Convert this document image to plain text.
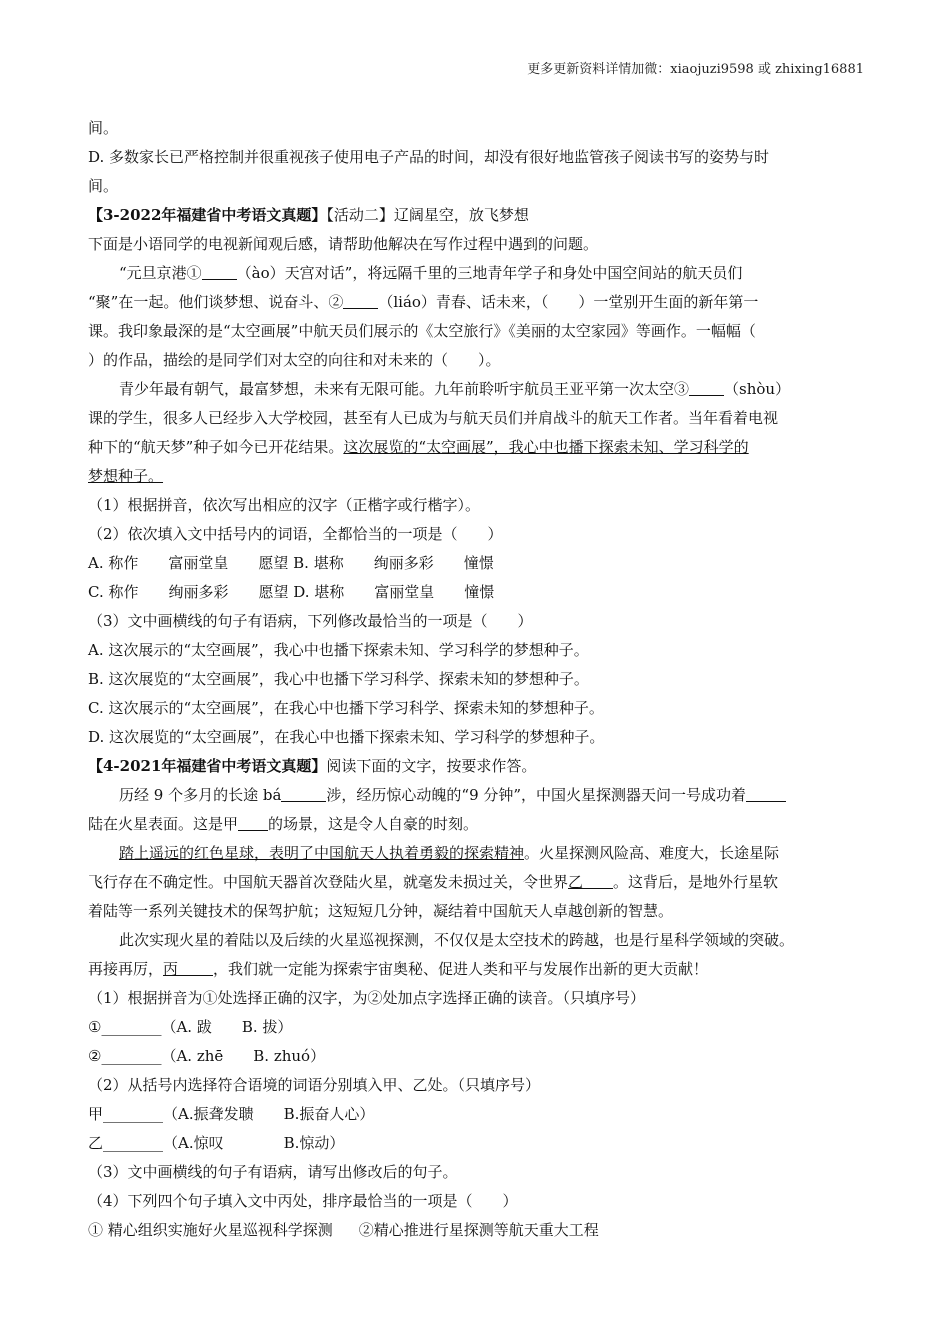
更多更新资料详情加微：xiaojuzi9598 或 zhixing16881

间。

D. 多数家长已严格控制并很重视孩子使用电子产品的时间，却没有很好地监管孩子阅读书写的姿势与时

间。

【3-2022年福建省中考语文真题】【活动二】辽阔星空，放飞梦想

下面是小语同学的电视新闻观后感，请帮助他解决在写作过程中遇到的问题。

“元旦京港① （ào）天宫对话”，将远隔千里的三地青年学子和身处中国空间站的航天员们

“聚”在一起。他们谈梦想、说奋斗、② （liáo）青春、话未来，（　　）一堂别开生面的新年第一

课。我印象最深的是“太空画展”中航天员们展示的《太空旅行》《美丽的太空家园》等画作。一幅幅（

）的作品，描绘的是同学们对太空的向往和对未来的（　　）。

青少年最有朝气，最富梦想，未来有无限可能。九年前聆听宇航员王亚平第一次太空③ （shòu）

课的学生，很多人已经步入大学校园，甚至有人已成为与航天员们并肩战斗的航天工作者。当年看着电视

种下的“航天梦”种子如今已开花结果。这次展览的“太空画展”，我心中也播下探索未知、学习科学的

梦想种子。

（1）根据拼音，依次写出相应的汉字（正楷字或行楷字）。

（2）依次填入文中括号内的词语，全都恰当的一项是（　　）

A. 称作　　富丽堂皇　　愿望 B. 堪称　　绚丽多彩　　憧憬

C. 称作　　绚丽多彩　　愿望 D. 堪称　　富丽堂皇　　憧憬

（3）文中画横线的句子有语病，下列修改最恰当的一项是（　　）

A. 这次展示的“太空画展”，我心中也播下探索未知、学习科学的梦想种子。

B. 这次展览的“太空画展”，我心中也播下学习科学、探索未知的梦想种子。

C. 这次展示的“太空画展”，在我心中也播下学习科学、探索未知的梦想种子。

D. 这次展览的“太空画展”，在我心中也播下探索未知、学习科学的梦想种子。

【4-2021年福建省中考语文真题】阅读下面的文字，按要求作答。

历经 9 个多月的长途 bá	涉，经历惊心动魄的“9 分钟”，中国火星探测器天问一号成功着

陆在火星表面。这是甲 的场景，这是令人自豪的时刻。

踏上遥远的红色星球，表明了中国航天人执着勇毅的探索精神。火星探测风险高、难度大，长途星际

飞行存在不确定性。中国航天器首次登陆火星，就毫发未损过关，令世界乙 。这背后，是地外行星软

着陆等一系列关键技术的保驾护航；这短短几分钟，凝结着中国航天人卓越创新的智慧。

此次实现火星的着陆以及后续的火星巡视探测，不仅仅是太空技术的跨越，也是行星科学领域的突破。

再接再厉，丙 ，我们就一定能为探索宇宙奥秘、促进人类和平与发展作出新的更大贡献！

（1）根据拼音为①处选择正确的汉字，为②处加点字选择正确的读音。（只填序号）

①________（A. 跋　　B. 拔）

②________（A. zhē　　B. zhuó）

（2）从括号内选择符合语境的词语分别填入甲、乙处。（只填序号）

甲________（A.振聋发聩　　B.振奋人心）

乙________（A.惊叹　　　　B.惊动）

（3）文中画横线的句子有语病，请写出修改后的句子。

（4）下列四个句子填入文中丙处，排序最恰当的一项是（　　）

① 精心组织实施好火星巡视科学探测 ②精心推进行星探测等航天重大工程
